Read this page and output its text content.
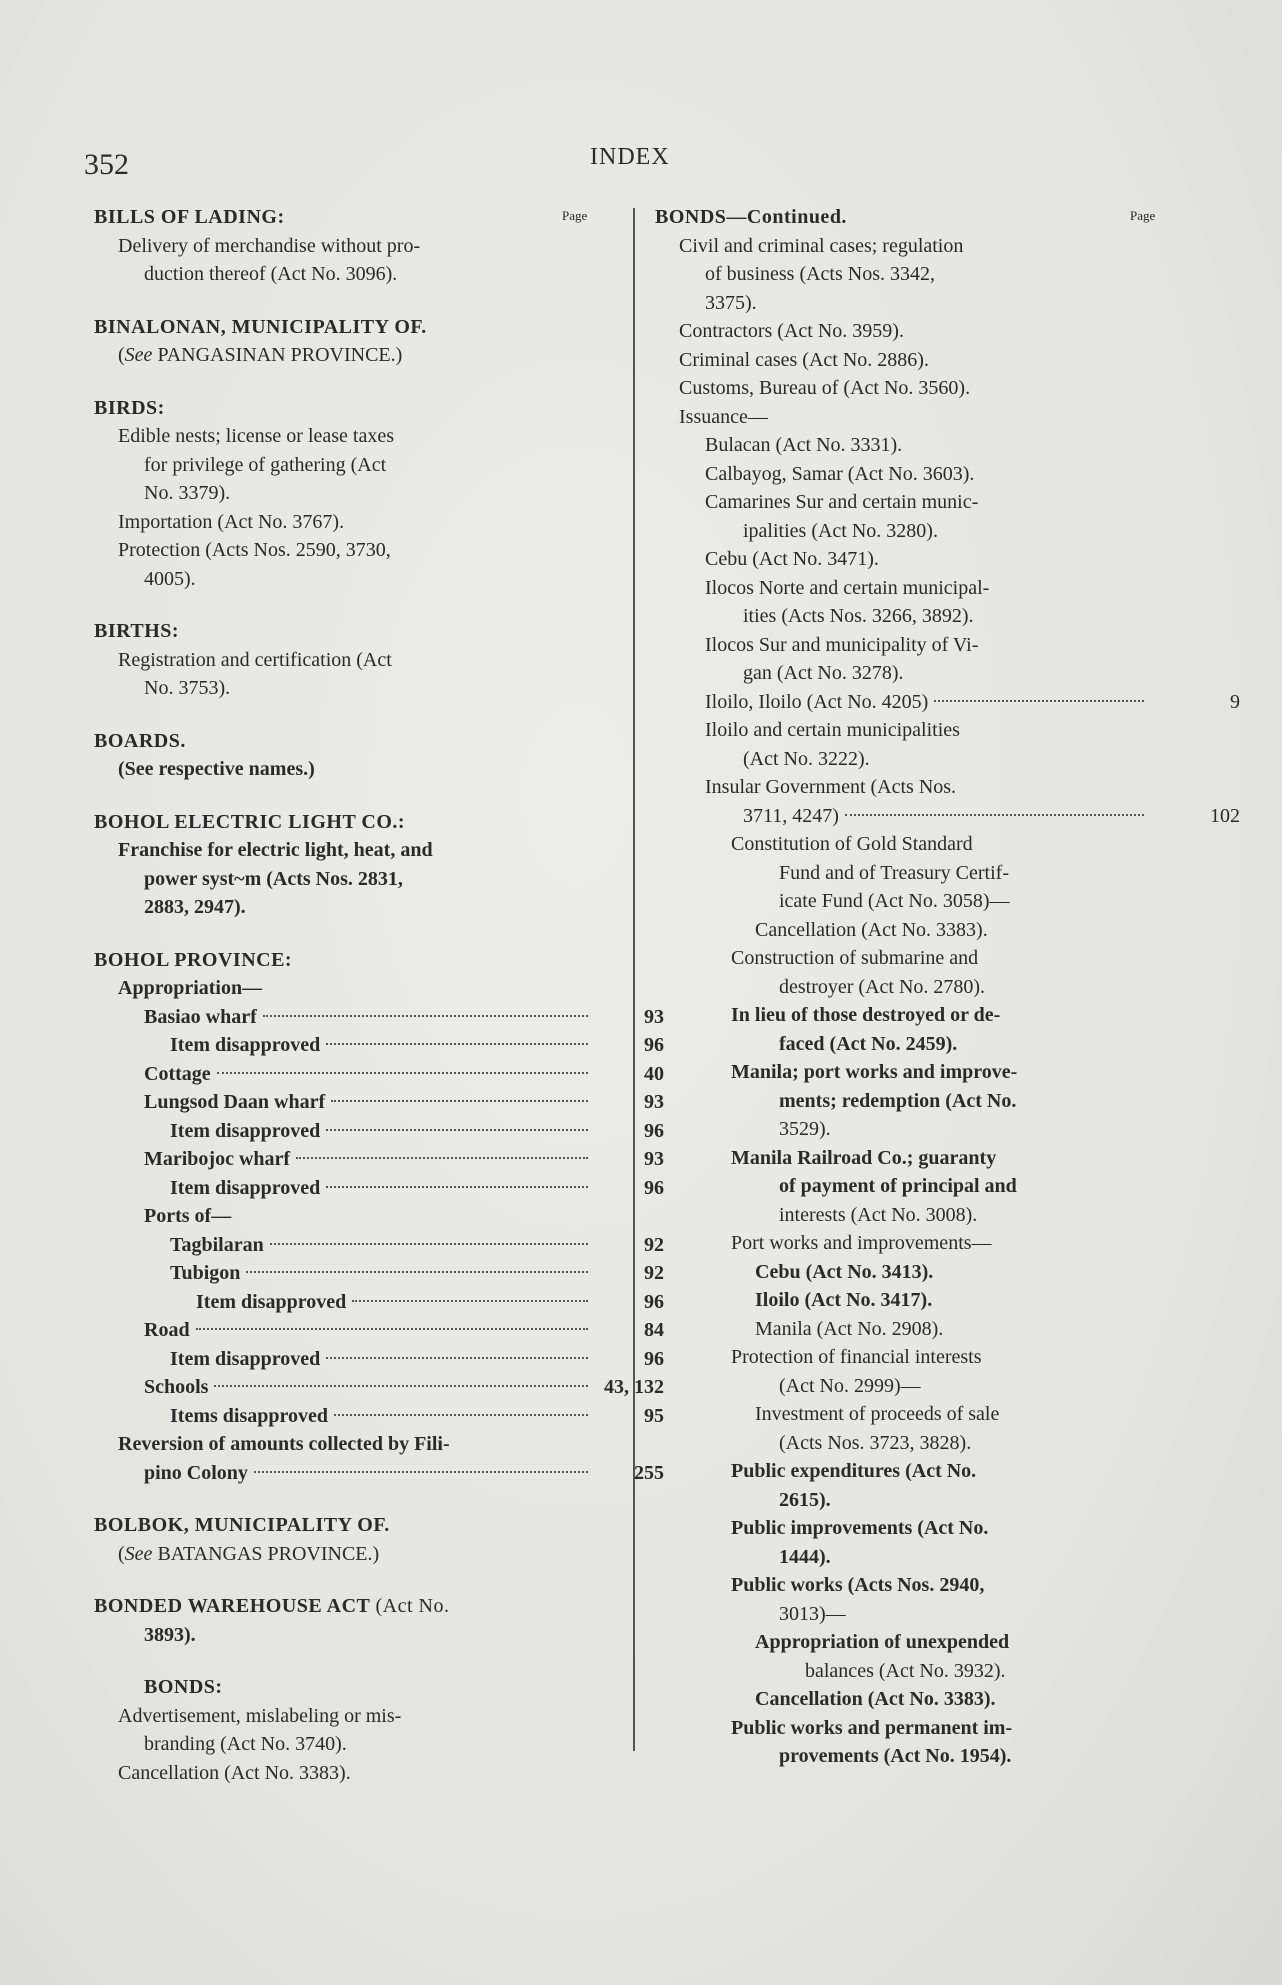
352	INDEX
Page	Page
BILLS OF LADING:
Delivery of merchandise without pro-
duction thereof (Act No. 3096).
BINALONAN, MUNICIPALITY OF.
(See PANGASINAN PROVINCE.)
BIRDS:
Edible nests; license or lease taxes
for privilege of gathering (Act
No. 3379).
Importation (Act No. 3767).
Protection (Acts Nos. 2590, 3730,
4005).
BIRTHS:
Registration and certification (Act
No. 3753).
BOARDS.
(See respective names.)
BOHOL ELECTRIC LIGHT CO.:
Franchise for electric light, heat, and
power syst~m (Acts Nos. 2831,
2883, 2947).
BOHOL PROVINCE:
Appropriation—
Basiao wharf	93
Item disapproved	96
Cottage	40
Lungsod Daan wharf	93
Item disapproved	96
Maribojoc wharf	93
Item disapproved	96
Ports of—
Tagbilaran	92
Tubigon	92
Item disapproved	96
Road	84
Item disapproved	96
Schools	43, 132
Items disapproved	95
Reversion of amounts collected by Fili-
pino Colony	255
BOLBOK, MUNICIPALITY OF.
(See BATANGAS PROVINCE.)
BONDED WAREHOUSE ACT (Act No.
3893).
BONDS:
Advertisement, mislabeling or mis-
branding (Act No. 3740).
Cancellation (Act No. 3383).
BONDS—Continued.
Civil and criminal cases; regulation
of business (Acts Nos. 3342,
3375).
Contractors (Act No. 3959).
Criminal cases (Act No. 2886).
Customs, Bureau of (Act No. 3560).
Issuance—
Bulacan (Act No. 3331).
Calbayog, Samar (Act No. 3603).
Camarines Sur and certain munic-
ipalities (Act No. 3280).
Cebu (Act No. 3471).
Ilocos Norte and certain municipal-
ities (Acts Nos. 3266, 3892).
Ilocos Sur and municipality of Vi-
gan (Act No. 3278).
Iloilo, Iloilo (Act No. 4205)	9
Iloilo and certain municipalities
(Act No. 3222).
Insular Government (Acts Nos.
3711, 4247)	102
Constitution of Gold Standard
Fund and of Treasury Certif-
icate Fund (Act No. 3058)—
Cancellation (Act No. 3383).
Construction of submarine and
destroyer (Act No. 2780).
In lieu of those destroyed or de-
faced (Act No. 2459).
Manila; port works and improve-
ments; redemption (Act No.
3529).
Manila Railroad Co.; guaranty
of payment of principal and
interests (Act No. 3008).
Port works and improvements—
Cebu (Act No. 3413).
Iloilo (Act No. 3417).
Manila (Act No. 2908).
Protection of financial interests
(Act No. 2999)—
Investment of proceeds of sale
(Acts Nos. 3723, 3828).
Public expenditures (Act No.
2615).
Public improvements (Act No.
1444).
Public works (Acts Nos. 2940,
3013)—
Appropriation of unexpended
balances (Act No. 3932).
Cancellation (Act No. 3383).
Public works and permanent im-
provements (Act No. 1954).
